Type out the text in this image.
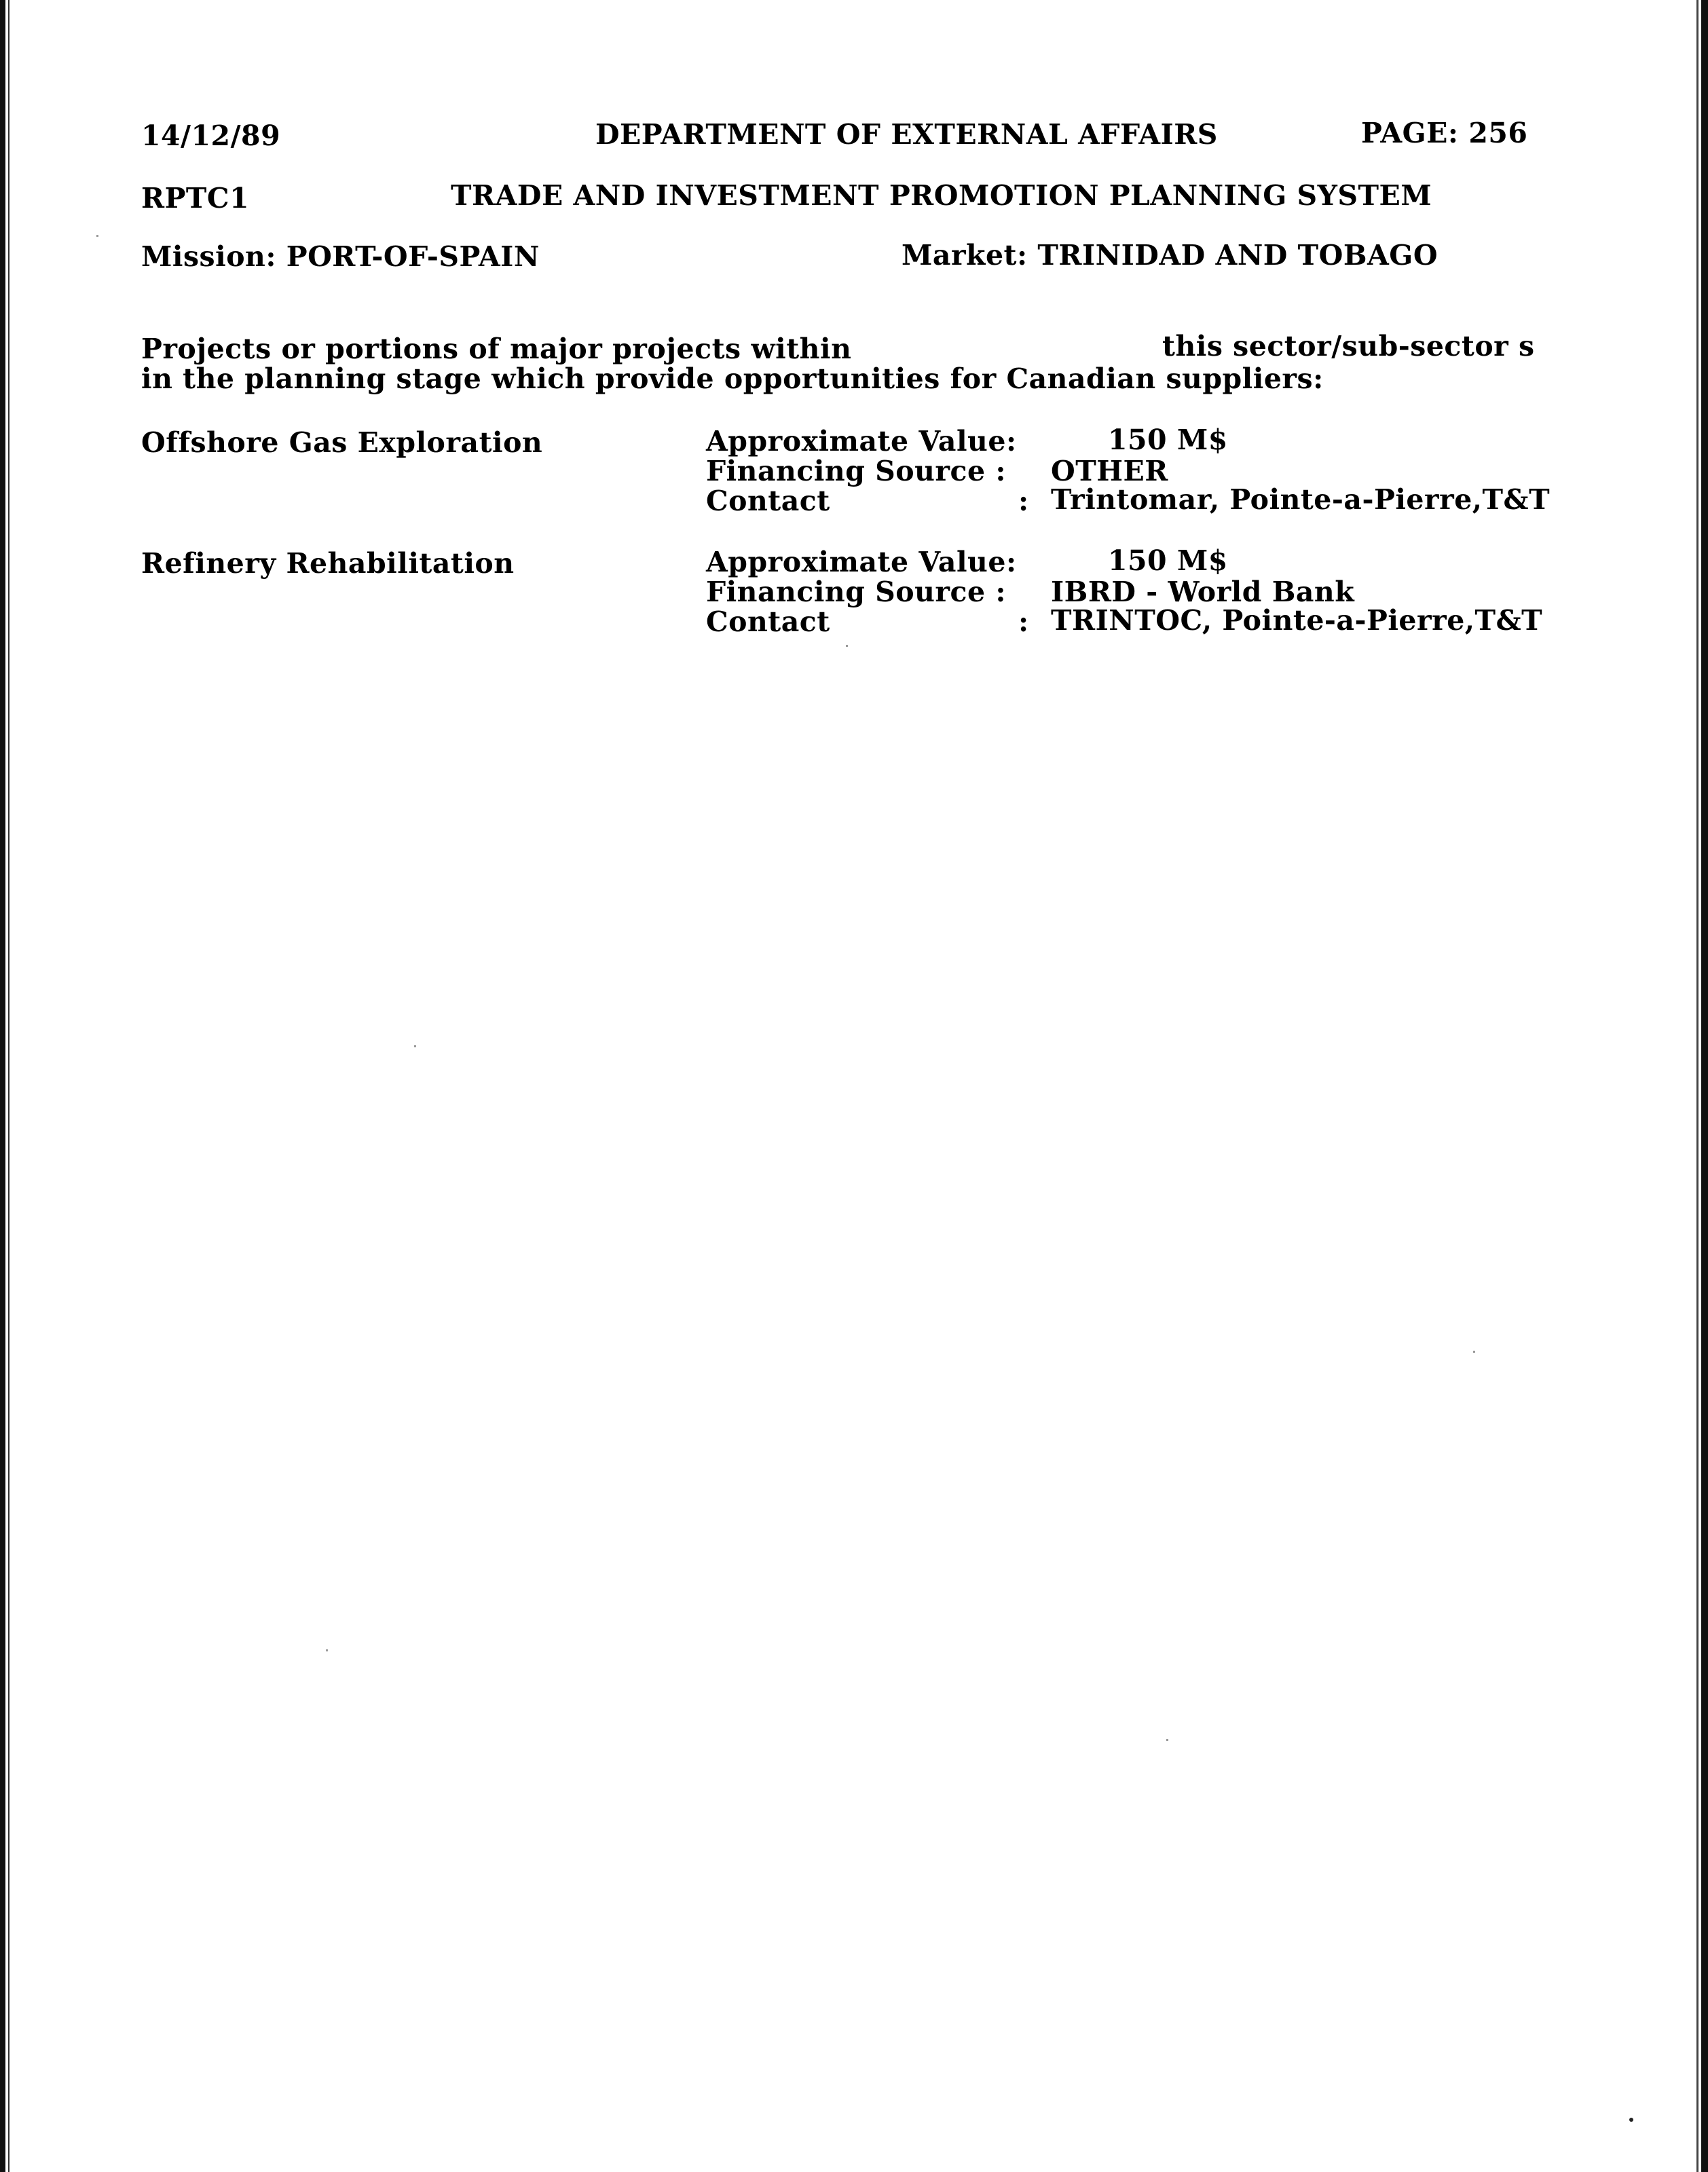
14/12/89	DEPARTMENT OF EXTERNAL AFFAIRS	PAGE: 256
RPTC1	TRADE AND INVESTMENT PROMOTION PLANNING SYSTEM
Mission: PORT-OF-SPAIN	Market: TRINIDAD AND TOBAGO
Projects or portions of major projects within	this sector/sub-sector s
in the planning stage which provide opportunities for Canadian suppliers:
Offshore Gas Exploration	Approximate Value:	150 M$
Financing Source : OTHER
Contact	: Trintomar, Pointe-a-Pierre,T&T
Refinery Rehabilitation	Approximate Value:	150 M$
Financing Source : IBRD - World Bank
Contact	: TRINTOC, Pointe-a-Pierre,T&T
